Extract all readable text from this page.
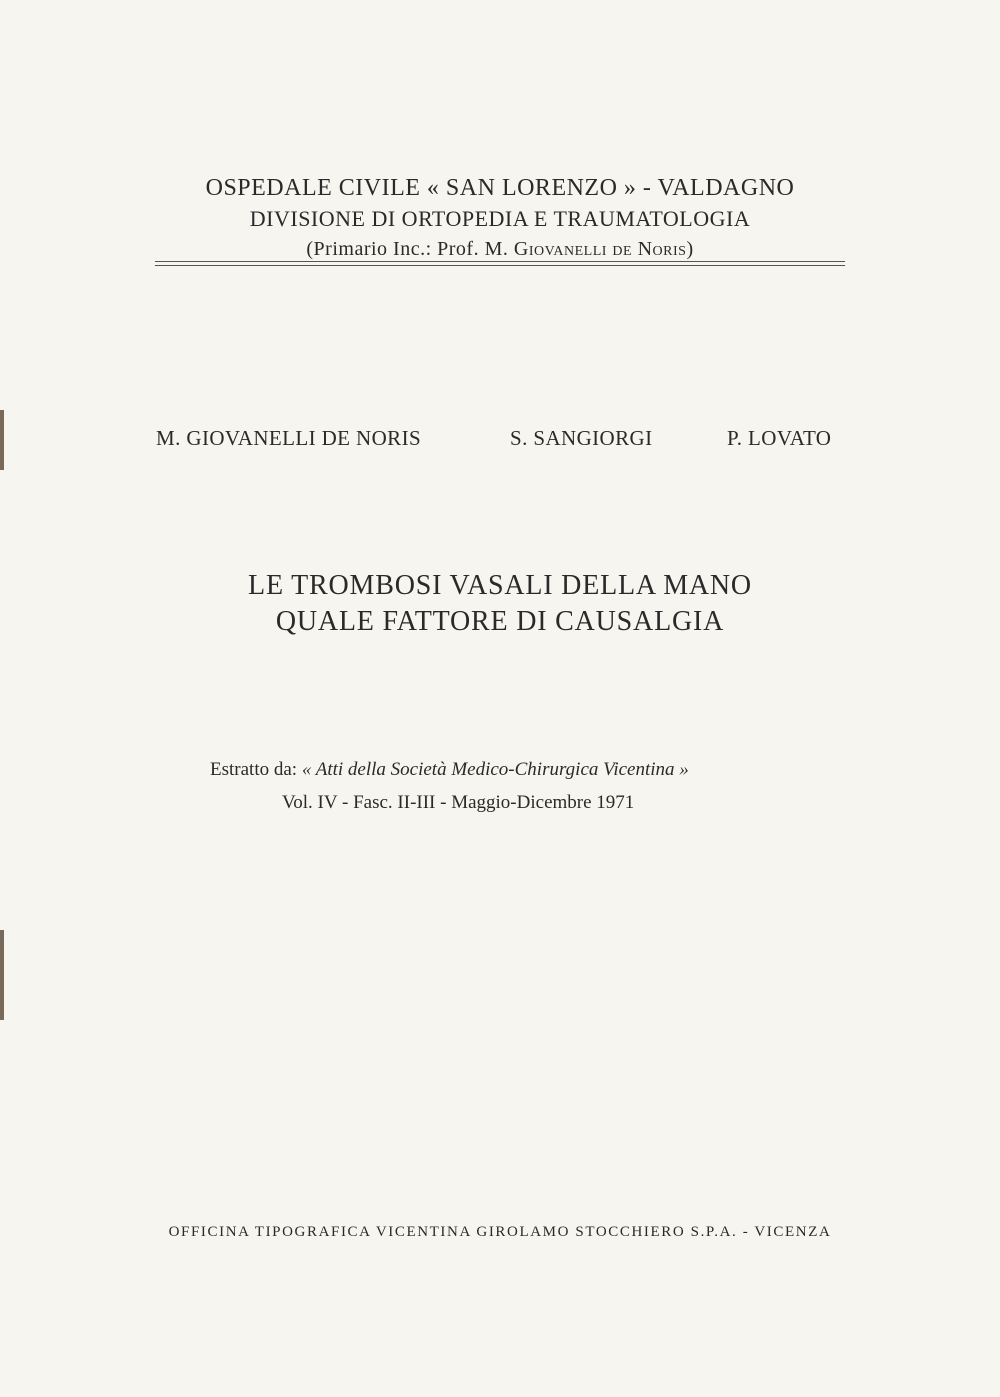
OSPEDALE CIVILE « SAN LORENZO » - VALDAGNO
DIVISIONE DI ORTOPEDIA E TRAUMATOLOGIA
(Primario Inc.: Prof. M. Giovanelli de Noris)
M. GIOVANELLI DE NORIS	S. SANGIORGI	P. LOVATO
LE TROMBOSI VASALI DELLA MANO
QUALE FATTORE DI CAUSALGIA
Estratto da: « Atti della Società Medico-Chirurgica Vicentina »
Vol. IV - Fasc. II-III - Maggio-Dicembre 1971
OFFICINA TIPOGRAFICA VICENTINA GIROLAMO STOCCHIERO S.P.A. - VICENZA
